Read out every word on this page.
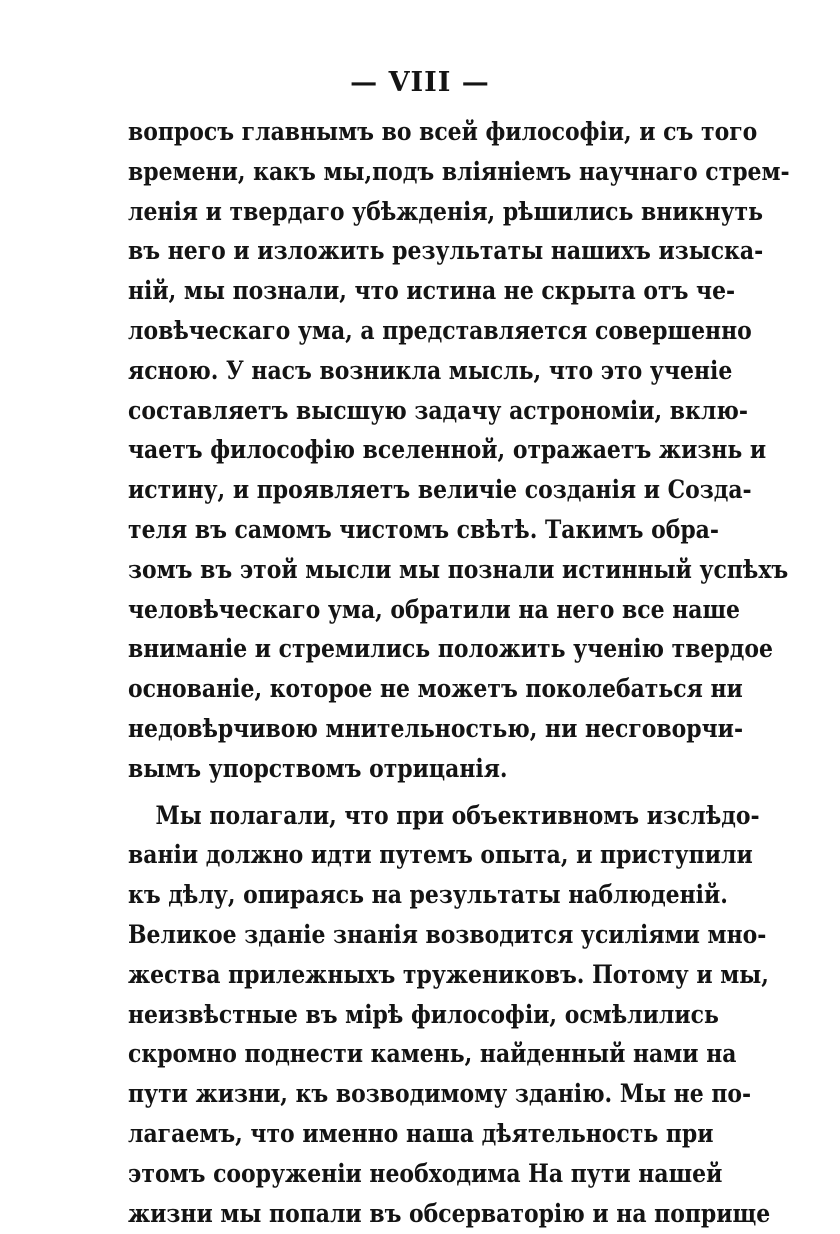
— VIII —
вопросъ главнымъ во всей философіи, и съ того
времени, какъ мы,подъ вліяніемъ научнаго стрем-
ленія и твердаго убѣжденія, рѣшились вникнуть
въ него и изложить результаты нашихъ изыска-
ній, мы познали, что истина не скрыта отъ че-
ловѣческаго ума, а представляется совершенно
ясною. У насъ возникла мысль, что это ученіе
составляетъ высшую задачу астрономіи, вклю-
чаетъ философію вселенной, отражаетъ жизнь и
истину, и проявляетъ величіе созданія и Созда-
теля въ самомъ чистомъ свѣтѣ. Такимъ обра-
зомъ въ этой мысли мы познали истинный успѣхъ
человѣческаго ума, обратили на него все наше
вниманіе и стремились положить ученію твердое
основаніе, которое не можетъ поколебаться ни
недовѣрчивою мнительностью, ни несговорчи-
вымъ упорствомъ отрицанія.
Мы полагали, что при объективномъ изслѣдо-
ваніи должно идти путемъ опыта, и приступили
къ дѣлу, опираясь на результаты наблюденій.
Великое зданіе знанія возводится усиліями мно-
жества прилежныхъ тружениковъ. Потому и мы,
неизвѣстные въ мірѣ философіи, осмѣлились
скромно поднести камень, найденный нами на
пути жизни, къ возводимому зданію. Мы не по-
лагаемъ, что именно наша дѣятельность при
этомъ сооруженіи необходима На пути нашей
жизни мы попали въ обсерваторію и на поприще
